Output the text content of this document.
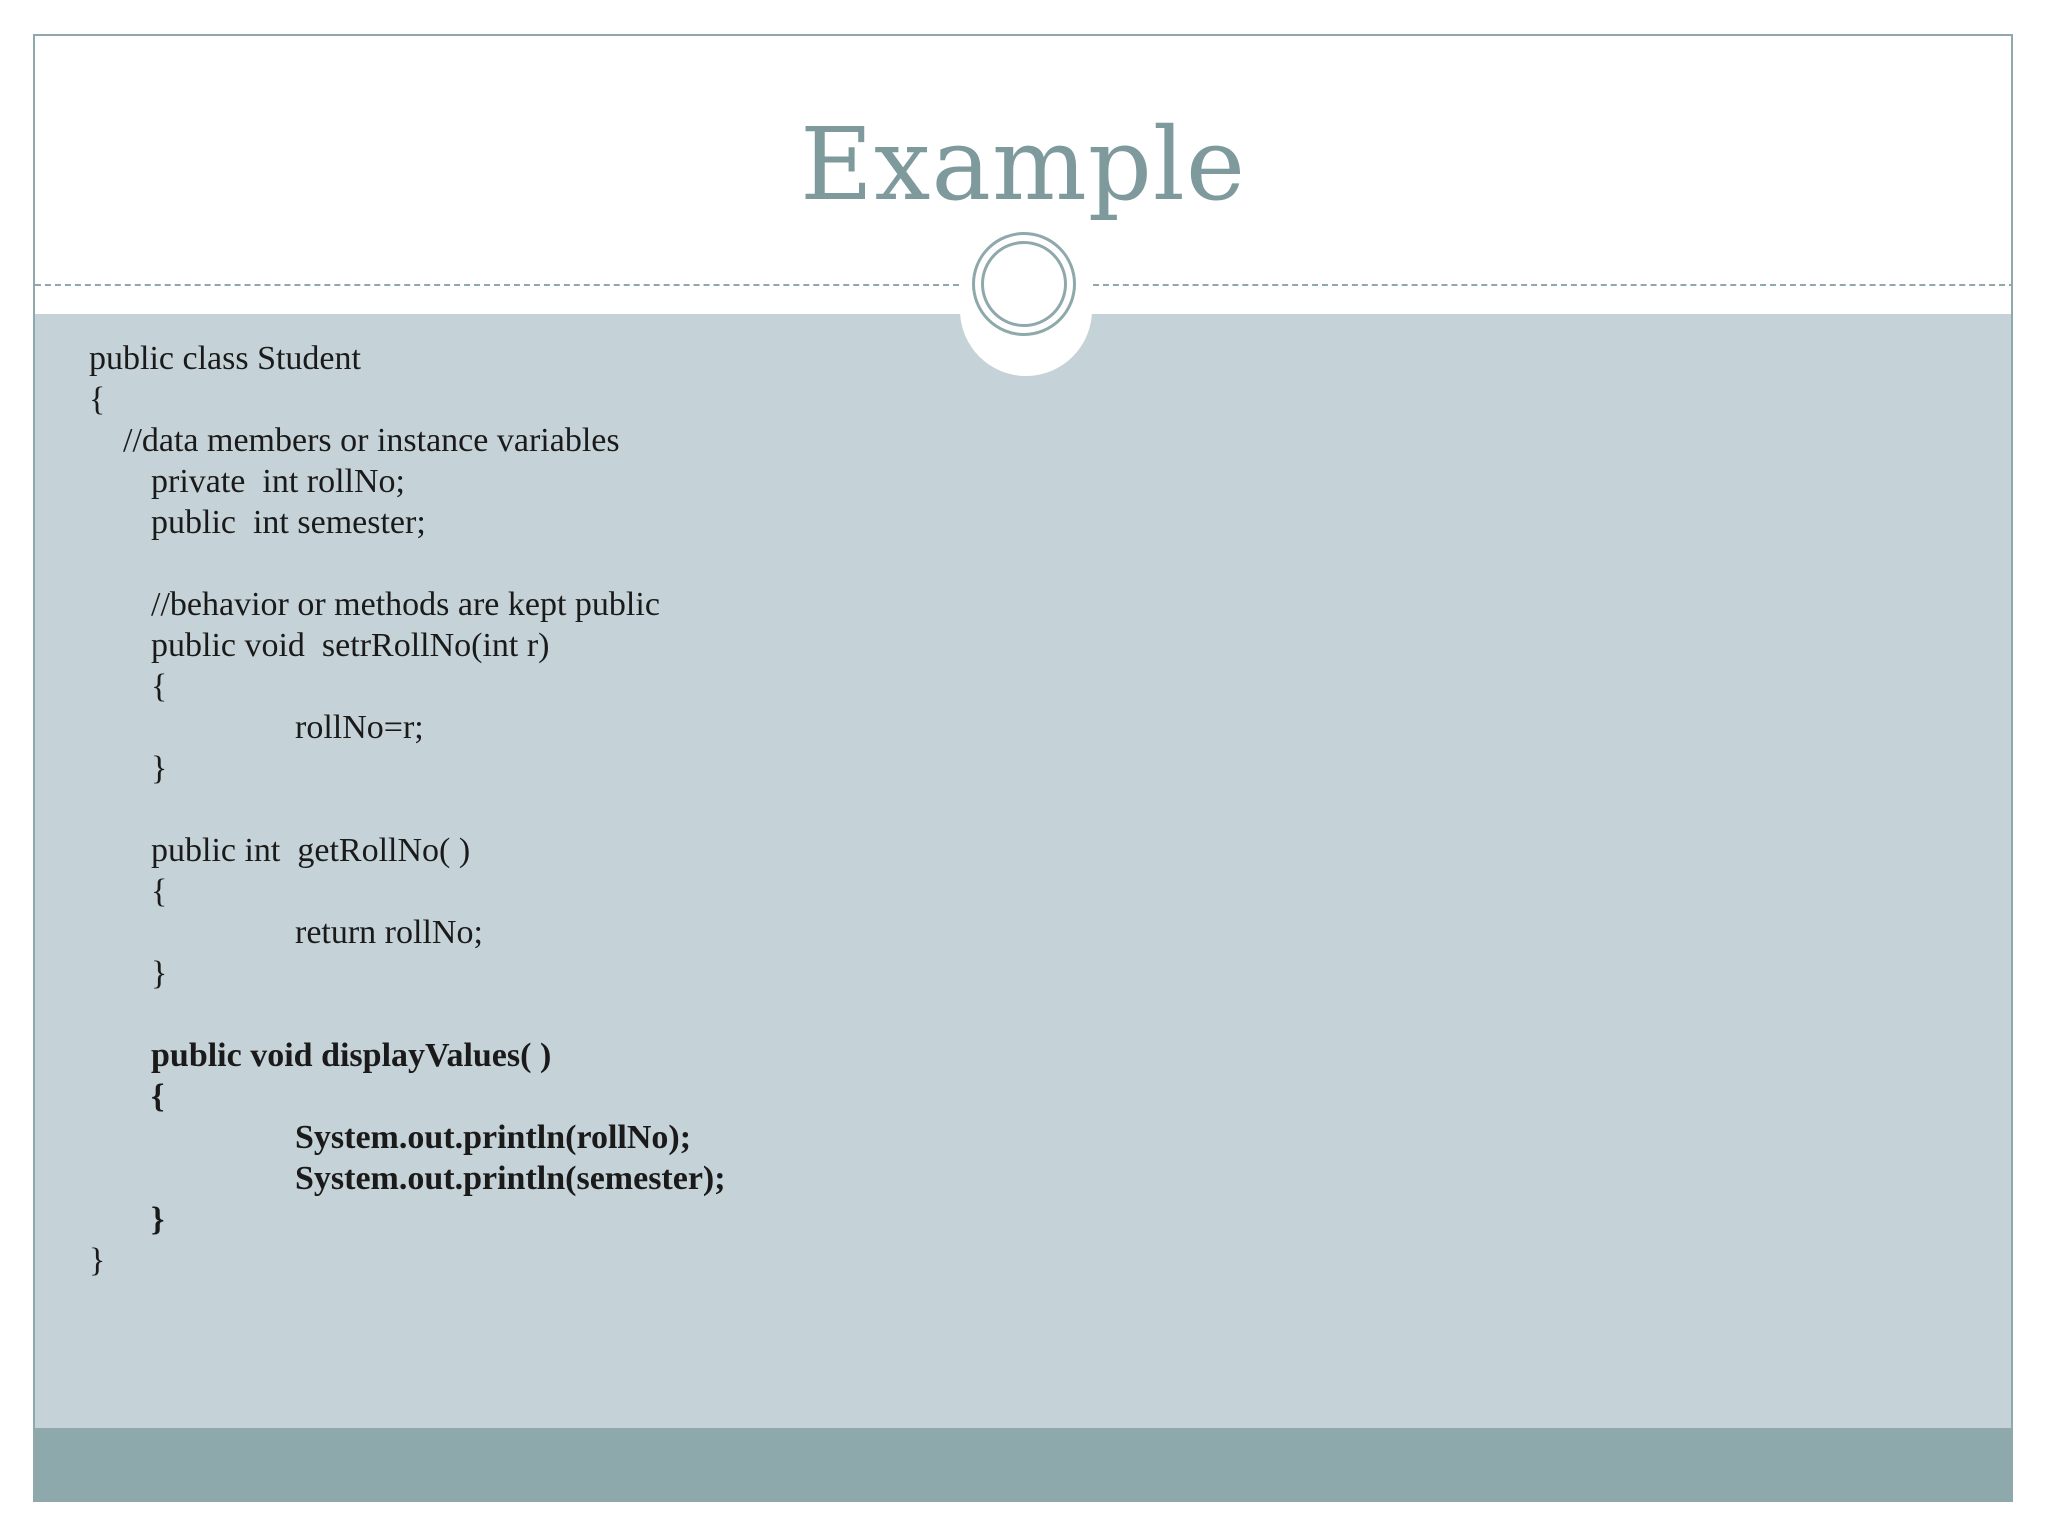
Example
public class Student
{
//data members or instance variables
private  int rollNo;
public  int semester;
//behavior or methods are kept public
public void  setrRollNo(int r)
{
rollNo=r;
}
public int  getRollNo( )
{
return rollNo;
}
public void displayValues( )
{
System.out.println(rollNo);
System.out.println(semester);
}
}
